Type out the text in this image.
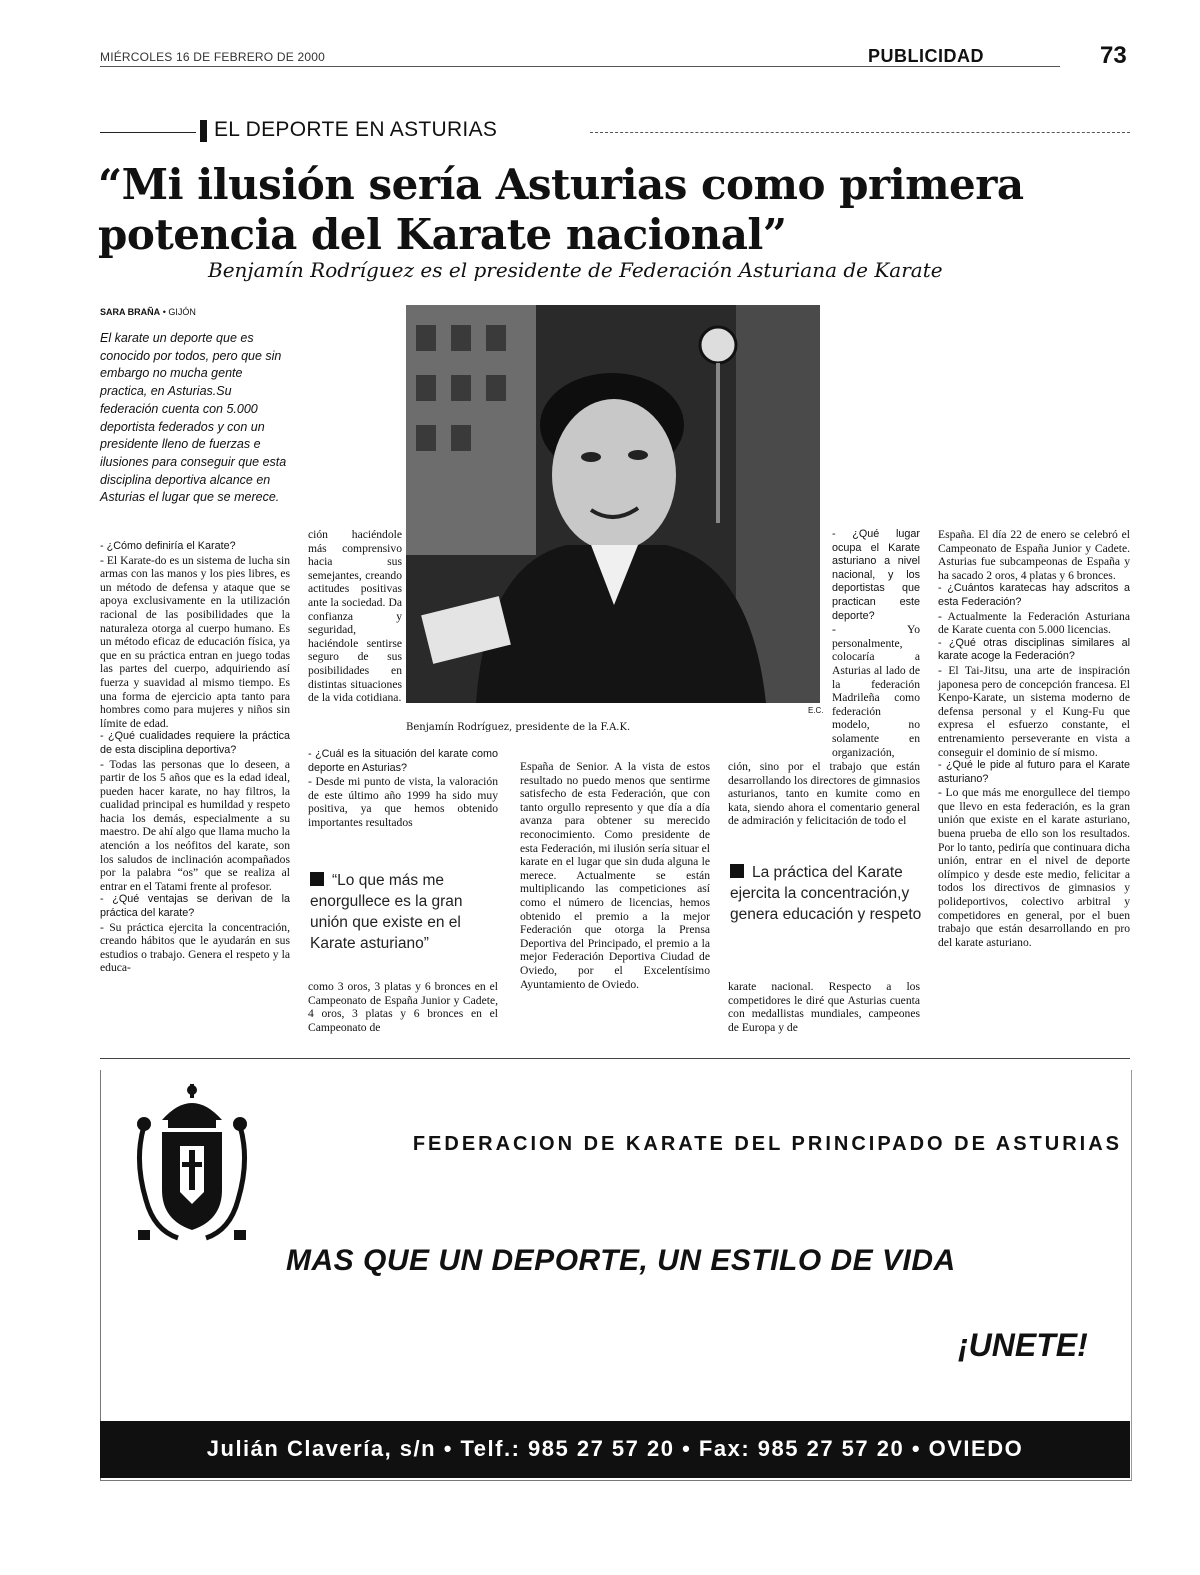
MIÉRCOLES 16 DE FEBRERO DE 2000	PUBLICIDAD	73
EL DEPORTE EN ASTURIAS
“Mi ilusión sería Asturias como primera potencia del Karate nacional”
Benjamín Rodríguez es el presidente de Federación Asturiana de Karate
SARA BRAÑA • GIJÓN
El karate un deporte que es conocido por todos, pero que sin embargo no mucha gente practica, en Asturias.Su federación cuenta con 5.000 deportista federados y con un presidente lleno de fuerzas e ilusiones para conseguir que esta disciplina deportiva alcance en Asturias el lugar que se merece.
E.C.
Benjamín Rodríguez, presidente de la F.A.K.

- ¿Cómo definiría el Karate?

- El Karate-do es un sistema de lucha sin armas con las manos y los pies libres, es un método de defensa y ataque que se apoya exclusivamente en la utilización racional de las posibilidades que la naturaleza otorga al cuerpo humano. Es un método eficaz de educación física, ya que en su práctica entran en juego todas las partes del cuerpo, adquiriendo así fuerza y suavidad al mismo tiempo. Es una forma de ejercicio apta tanto para hombres como para mujeres y niños sin límite de edad.

- ¿Qué cualidades requiere la práctica de esta disciplina deportiva?

- Todas las personas que lo deseen, a partir de los 5 años que es la edad ideal, pueden hacer karate, no hay filtros, la cualidad principal es humildad y respeto hacia los demás, especialmente a su maestro. De ahí algo que llama mucho la atención a los neófitos del karate, son los saludos de inclinación acompañados por la palabra “os” que se realiza al entrar en el Tatami frente al profesor.

- ¿Qué ventajas se derivan de la práctica del karate?

- Su práctica ejercita la concentración, creando hábitos que le ayudarán en sus estudios o trabajo. Genera el respeto y la educa-

ción haciéndole más comprensivo hacia sus semejantes, creando actitudes positivas ante la sociedad. Da confianza y seguridad, haciéndole sentirse seguro de sus posibilidades en distintas situaciones de la vida cotidiana.

- ¿Cuál es la situación del karate como deporte en Asturias?

- Desde mi punto de vista, la valoración de este último año 1999 ha sido muy positiva, ya que hemos obtenido importantes resultados

“Lo que más me enorgullece es la gran unión que existe en el Karate asturiano”

como 3 oros, 3 platas y 6 bronces en el Campeonato de España Junior y Cadete, 4 oros, 3 platas y 6 bronces en el Campeonato de

España de Senior. A la vista de estos resultado no puedo menos que sentirme satisfecho de esta Federación, que con tanto orgullo represento y que día a día avanza para obtener su merecido reconocimiento. Como presidente de esta Federación, mi ilusión sería situar el karate en el lugar que sin duda alguna le merece. Actualmente se están multiplicando las competiciones así como el número de licencias, hemos obtenido el premio a la mejor Federación que otorga la Prensa Deportiva del Principado, el premio a la mejor Federación Deportiva Ciudad de Oviedo, por el Excelentísimo Ayuntamiento de Oviedo.

- ¿Qué lugar ocupa el Karate asturiano a nivel nacional, y los deportistas que practican este deporte?

- Yo personalmente, colocaría a Asturias al lado de la federación Madrileña como federación modelo, no solamente en organización,

ción, sino por el trabajo que están desarrollando los directores de gimnasios asturianos, tanto en kumite como en kata, siendo ahora el comentario general de admiración y felicitación de todo el

La práctica del Karate ejercita la concentración,y genera educación y respeto

karate nacional. Respecto a los competidores le diré que Asturias cuenta con medallistas mundiales, campeones de Europa y de

España. El día 22 de enero se celebró el Campeonato de España Junior y Cadete. Asturias fue subcampeonas de España y ha sacado 2 oros, 4 platas y 6 bronces.

- ¿Cuántos karatecas hay adscritos a esta Federación?

- Actualmente la Federación Asturiana de Karate cuenta con 5.000 licencias.

- ¿Qué otras disciplinas similares al karate acoge la Federación?

- El Tai-Jitsu, una arte de inspiración japonesa pero de concepción francesa. El Kenpo-Karate, un sistema moderno de defensa personal y el Kung-Fu que expresa el esfuerzo constante, el entrenamiento perseverante en vista a conseguir el dominio de sí mismo.

- ¿Qué le pide al futuro para el Karate asturiano?

- Lo que más me enorgullece del tiempo que llevo en esta federación, es la gran unión que existe en el karate asturiano, buena prueba de ello son los resultados. Por lo tanto, pediría que continuara dicha unión, entrar en el nivel de deporte olímpico y desde este medio, felicitar a todos los directivos de gimnasios y polideportivos, colectivo arbitral y competidores en general, por el buen trabajo que están desarrollando en pro del karate asturiano.

FEDERACION DE KARATE DEL PRINCIPADO DE ASTURIAS
MAS QUE UN DEPORTE, UN ESTILO DE VIDA
¡UNETE!
Julián Clavería, s/n • Telf.: 985 27 57 20 • Fax: 985 27 57 20 • OVIEDO
